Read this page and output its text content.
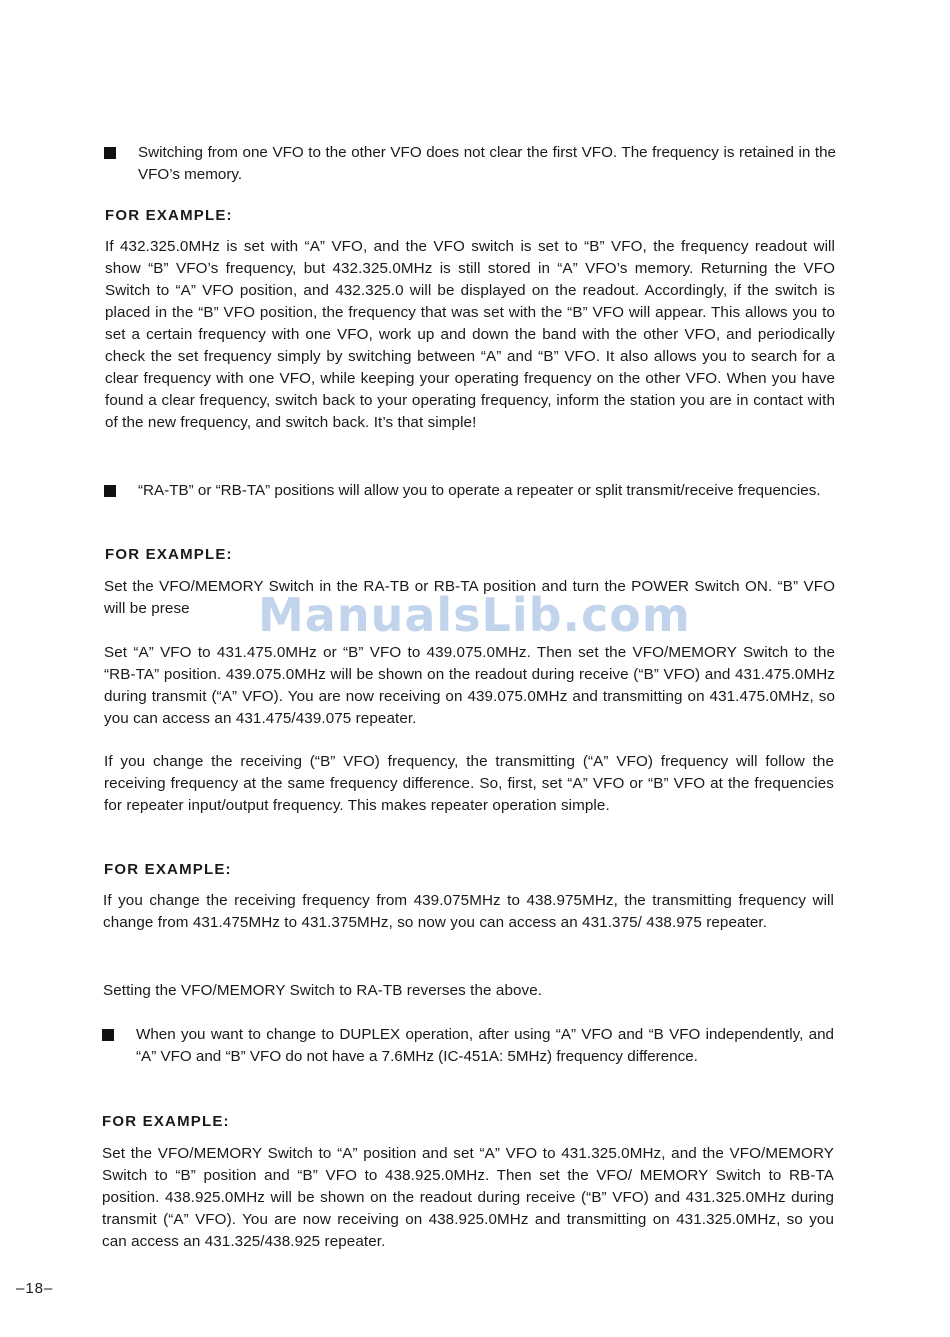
Switching from one VFO to the other VFO does not clear the first VFO. The frequency is retained in the VFO’s memory.
FOR EXAMPLE:
If 432.325.0MHz is set with “A” VFO, and the VFO switch is set to “B” VFO, the frequency readout will show “B” VFO’s frequency, but 432.325.0MHz is still stored in “A” VFO’s memory. Returning the VFO Switch to “A” VFO position, and 432.325.0 will be displayed on the readout. Accordingly, if the switch is placed in the “B” VFO position, the frequency that was set with the “B” VFO will appear. This allows you to set a certain frequency with one VFO, work up and down the band with the other VFO, and periodically check the set frequency simply by switching between “A” and “B” VFO. It also allows you to search for a clear frequency with one VFO, while keeping your operating frequency on the other VFO. When you have found a clear frequency, switch back to your operating frequency, inform the station you are in contact with of the new frequency, and switch back. It’s that simple!
“RA-TB” or “RB-TA” positions will allow you to operate a repeater or split transmit/receive frequencies.
FOR EXAMPLE:
Set the VFO/MEMORY Switch in the RA-TB or RB-TA position and turn the POWER Switch ON. “B” VFO will be prese	ManualsLib.com
Set “A” VFO to 431.475.0MHz or “B” VFO to 439.075.0MHz. Then set the VFO/MEMORY Switch to the “RB-TA” position. 439.075.0MHz will be shown on the readout during receive (“B” VFO) and 431.475.0MHz during transmit (“A” VFO). You are now receiving on 439.075.0MHz and transmitting on 431.475.0MHz, so you can access an 431.475/439.075 repeater.
If you change the receiving (“B” VFO) frequency, the transmitting (“A” VFO) frequency will follow the receiving frequency at the same frequency difference. So, first, set “A” VFO or “B” VFO at the frequencies for repeater input/output frequency. This makes repeater operation simple.
FOR EXAMPLE:
If you change the receiving frequency from 439.075MHz to 438.975MHz, the transmitting frequency will change from 431.475MHz to 431.375MHz, so now you can access an 431.375/ 438.975 repeater.
Setting the VFO/MEMORY Switch to RA-TB reverses the above.
When you want to change to DUPLEX operation, after using “A” VFO and “B VFO independently, and “A” VFO and “B” VFO do not have a 7.6MHz (IC-451A: 5MHz) frequency difference.
FOR EXAMPLE:
Set the VFO/MEMORY Switch to “A” position and set “A” VFO to 431.325.0MHz, and the VFO/MEMORY Switch to “B” position and “B” VFO to 438.925.0MHz. Then set the VFO/ MEMORY Switch to RB-TA position. 438.925.0MHz will be shown on the readout during receive (“B” VFO) and 431.325.0MHz during transmit (“A” VFO). You are now receiving on 438.925.0MHz and transmitting on 431.325.0MHz, so you can access an 431.325/438.925 repeater.
–18–
